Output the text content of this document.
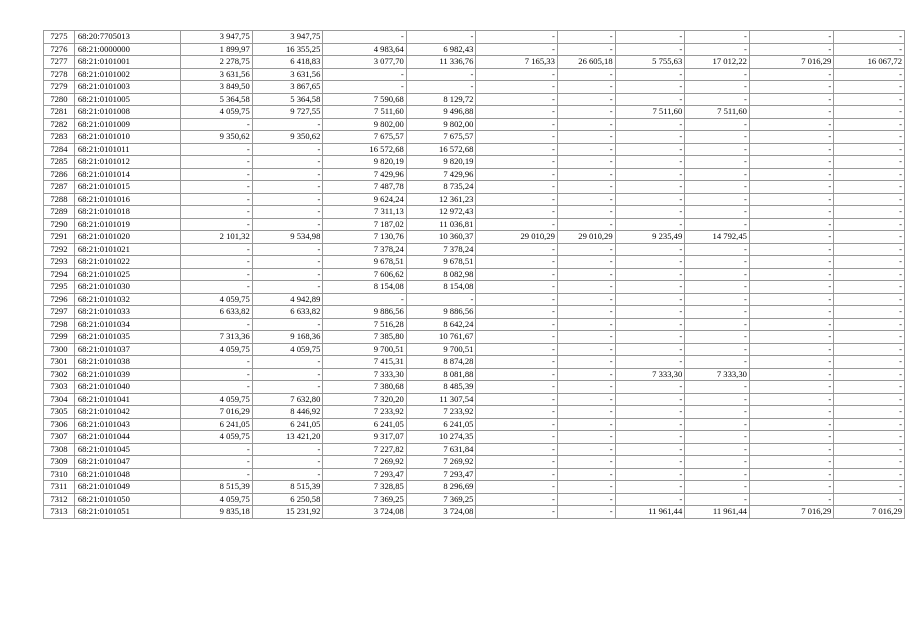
7275	68:20:7705013	3 947,75	3 947,75	-	-	-	-	-	-	-	-
7276	68:21:0000000	1 899,97	16 355,25	4 983,64	6 982,43	-	-	-	-	-	-
7277	68:21:0101001	2 278,75	6 418,83	3 077,70	11 336,76	7 165,33	26 605,18	5 755,63	17 012,22	7 016,29	16 067,72
7278	68:21:0101002	3 631,56	3 631,56	-	-	-	-	-	-	-	-
7279	68:21:0101003	3 849,50	3 867,65	-	-	-	-	-	-	-	-
7280	68:21:0101005	5 364,58	5 364,58	7 590,68	8 129,72	-	-	-	-	-	-
7281	68:21:0101008	4 059,75	9 727,55	7 511,60	9 496,88	-	-	7 511,60	7 511,60	-	-
7282	68:21:0101009	-	-	9 802,00	9 802,00	-	-	-	-	-	-
7283	68:21:0101010	9 350,62	9 350,62	7 675,57	7 675,57	-	-	-	-	-	-
7284	68:21:0101011	-	-	16 572,68	16 572,68	-	-	-	-	-	-
7285	68:21:0101012	-	-	9 820,19	9 820,19	-	-	-	-	-	-
7286	68:21:0101014	-	-	7 429,96	7 429,96	-	-	-	-	-	-
7287	68:21:0101015	-	-	7 487,78	8 735,24	-	-	-	-	-	-
7288	68:21:0101016	-	-	9 624,24	12 361,23	-	-	-	-	-	-
7289	68:21:0101018	-	-	7 311,13	12 972,43	-	-	-	-	-	-
7290	68:21:0101019	-	-	7 187,02	11 036,81	-	-	-	-	-	-
7291	68:21:0101020	2 101,32	9 534,98	7 130,76	10 360,37	29 010,29	29 010,29	9 235,49	14 792,45	-	-
7292	68:21:0101021	-	-	7 378,24	7 378,24	-	-	-	-	-	-
7293	68:21:0101022	-	-	9 678,51	9 678,51	-	-	-	-	-	-
7294	68:21:0101025	-	-	7 606,62	8 082,98	-	-	-	-	-	-
7295	68:21:0101030	-	-	8 154,08	8 154,08	-	-	-	-	-	-
7296	68:21:0101032	4 059,75	4 942,89	-	-	-	-	-	-	-	-
7297	68:21:0101033	6 633,82	6 633,82	9 886,56	9 886,56	-	-	-	-	-	-
7298	68:21:0101034	-	-	7 516,28	8 642,24	-	-	-	-	-	-
7299	68:21:0101035	7 313,36	9 168,36	7 385,80	10 761,67	-	-	-	-	-	-
7300	68:21:0101037	4 059,75	4 059,75	9 700,51	9 700,51	-	-	-	-	-	-
7301	68:21:0101038	-	-	7 415,31	8 874,28	-	-	-	-	-	-
7302	68:21:0101039	-	-	7 333,30	8 081,88	-	-	7 333,30	7 333,30	-	-
7303	68:21:0101040	-	-	7 380,68	8 485,39	-	-	-	-	-	-
7304	68:21:0101041	4 059,75	7 632,80	7 320,20	11 307,54	-	-	-	-	-	-
7305	68:21:0101042	7 016,29	8 446,92	7 233,92	7 233,92	-	-	-	-	-	-
7306	68:21:0101043	6 241,05	6 241,05	6 241,05	6 241,05	-	-	-	-	-	-
7307	68:21:0101044	4 059,75	13 421,20	9 317,07	10 274,35	-	-	-	-	-	-
7308	68:21:0101045	-	-	7 227,82	7 631,84	-	-	-	-	-	-
7309	68:21:0101047	-	-	7 269,92	7 269,92	-	-	-	-	-	-
7310	68:21:0101048	-	-	7 293,47	7 293,47	-	-	-	-	-	-
7311	68:21:0101049	8 515,39	8 515,39	7 328,85	8 296,69	-	-	-	-	-	-
7312	68:21:0101050	4 059,75	6 250,58	7 369,25	7 369,25	-	-	-	-	-	-
7313	68:21:0101051	9 835,18	15 231,92	3 724,08	3 724,08	-	-	11 961,44	11 961,44	7 016,29	7 016,29
